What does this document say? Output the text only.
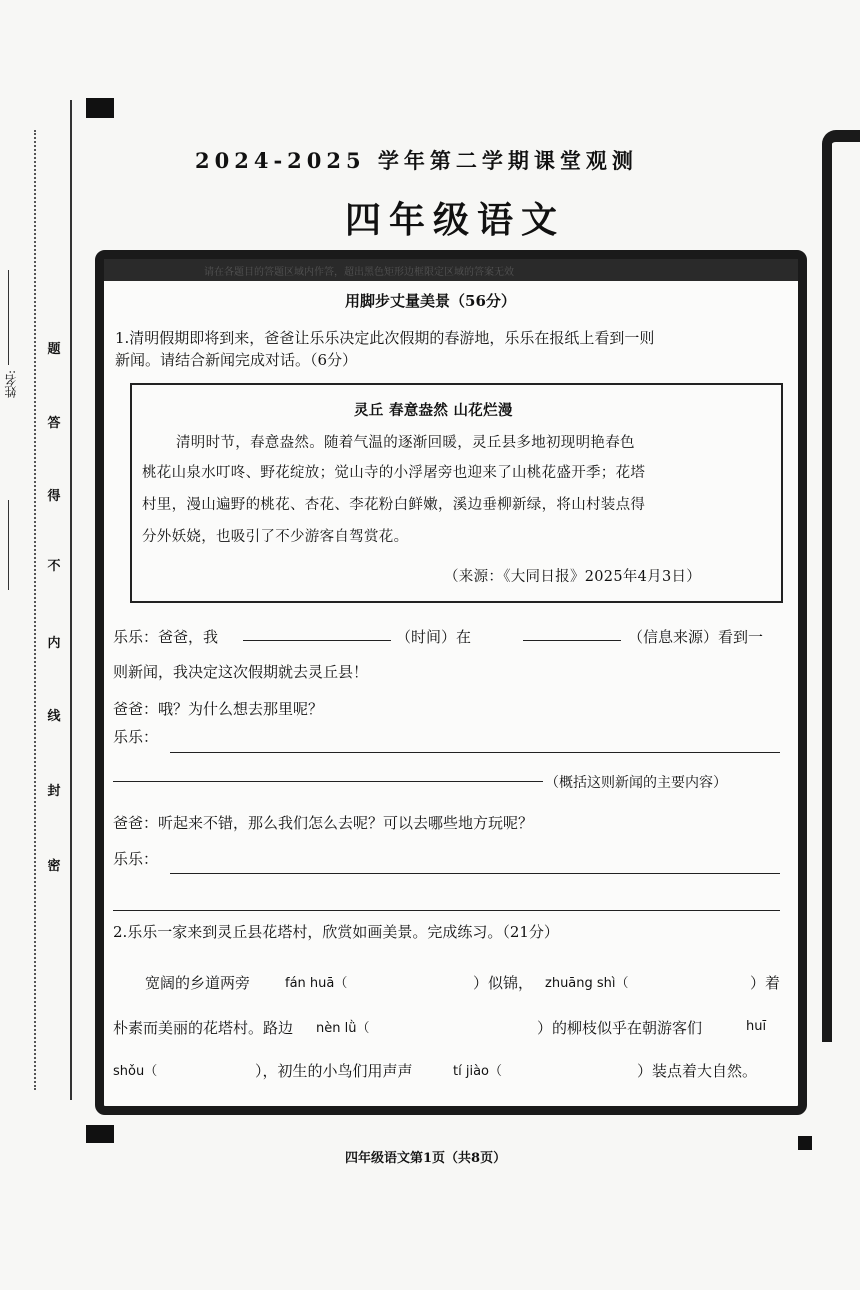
姓名:
题
答
得
不
内
线
封
密
2024-2025 学年第二学期课堂观测
四年级语文
请在各题目的答题区域内作答，超出黑色矩形边框限定区域的答案无效
用脚步丈量美景（56分）
1.清明假期即将到来，爸爸让乐乐决定此次假期的春游地，乐乐在报纸上看到一则
新闻。请结合新闻完成对话。（6分）
灵丘 春意盎然 山花烂漫
清明时节，春意盎然。随着气温的逐渐回暖，灵丘县多地初现明艳春色
桃花山泉水叮咚、野花绽放；觉山寺的小浮屠旁也迎来了山桃花盛开季；花塔
村里，漫山遍野的桃花、杏花、李花粉白鲜嫩，溪边垂柳新绿，将山村装点得
分外妖娆，也吸引了不少游客自驾赏花。
（来源：《大同日报》2025年4月3日）
乐乐：爸爸，我	（时间）在	（信息来源）看到一
则新闻，我决定这次假期就去灵丘县！
爸爸：哦？为什么想去那里呢？
乐乐：
（概括这则新闻的主要内容）
爸爸：听起来不错，那么我们怎么去呢？可以去哪些地方玩呢？
乐乐：
2.乐乐一家来到灵丘县花塔村，欣赏如画美景。完成练习。（21分）
宽阔的乡道两旁	fán huā（	）似锦， zhuāng shì（	）着
朴素而美丽的花塔村。路边 nèn lǜ（	）的柳枝似乎在朝游客们	huī
shǒu（	），初生的小鸟们用声声	tí jiào（	）装点着大自然。
四年级语文第1页（共8页）
